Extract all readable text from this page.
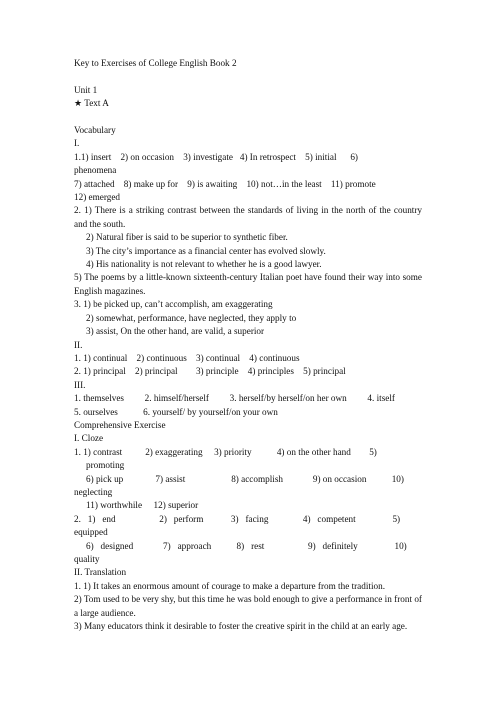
Key to Exercises of College English Book 2

Unit 1

★ Text A

Vocabulary

I.

1.1) insert    2) on occasion    3) investigate   4) In retrospect    5) initial      6)

phenomena

7) attached    8) make up for    9) is awaiting    10) not…in the least    11) promote

12) emerged

2. 1) There is a striking contrast between the standards of living in the north of the country and the south.

2) Natural fiber is said to be superior to synthetic fiber.

3) The city’s importance as a financial center has evolved slowly.

4) His nationality is not relevant to whether he is a good lawyer.

5) The poems by a little-known sixteenth-century Italian poet have found their way into some English magazines.

3. 1) be picked up, can’t accomplish, am exaggerating

2) somewhat, performance, have neglected, they apply to

3) assist, On the other hand, are valid, a superior

II.

1. 1) continual    2) continuous    3) continual    4) continuous

2. 1) principal    2) principal        3) principle    4) principles    5) principal

III.

1. themselves         2. himself/herself         3. herself/by herself/on her own         4. itself

5. ourselves           6. yourself/ by yourself/on your own

Comprehensive Exercise

I. Cloze

1. 1) contrast          2) exaggerating     3) priority           4) on the other hand        5)

promoting

6) pick up              7) assist                    8) accomplish             9) on occasion           10)

neglecting

11) worthwhile     12) superior

2.   1)   end                   2)   perform            3)   facing               4)   competent                5)

equipped

6)   designed             7)   approach           8)   rest                   9)   definitely                10)

quality

II. Translation

1. 1) It takes an enormous amount of courage to make a departure from the tradition.

2) Tom used to be very shy, but this time he was bold enough to give a performance in front of a large audience.

3) Many educators think it desirable to foster the creative spirit in the child at an early age.
